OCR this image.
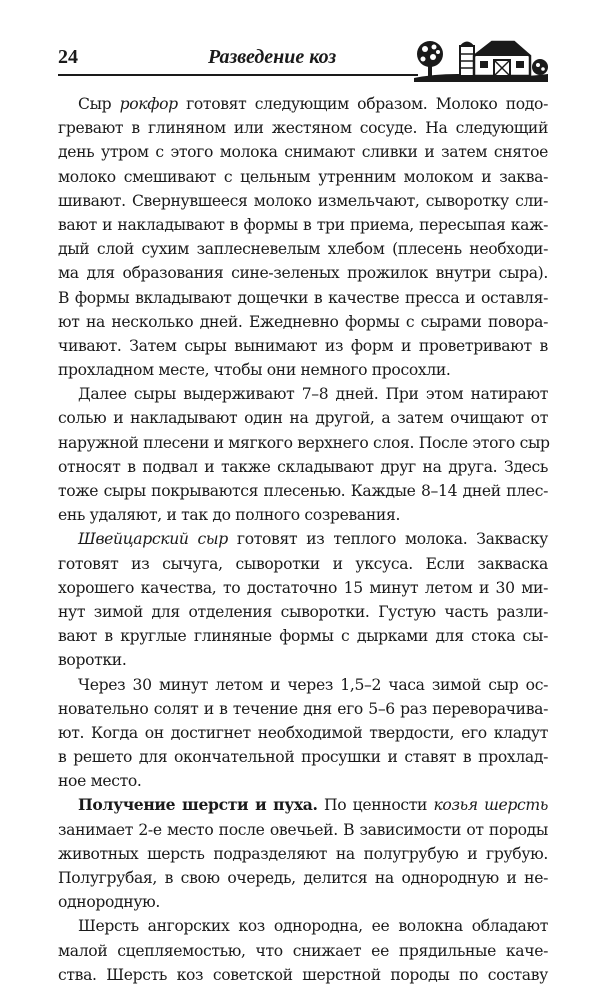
24	Разведение коз
Сыр рокфор готовят следующим образом. Молоко подо-
гревают в глиняном или жестяном сосуде. На следующий
день утром с этого молока снимают сливки и затем снятое
молоко смешивают с цельным утренним молоком и заква-
шивают. Свернувшееся молоко измельчают, сыворотку сли-
вают и накладывают в формы в три приема, пересыпая каж-
дый слой сухим заплесневелым хлебом (плесень необходи-
ма для образования сине-зеленых прожилок внутри сыра).
В формы вкладывают дощечки в качестве пресса и оставля-
ют на несколько дней. Ежедневно формы с сырами повора-
чивают. Затем сыры вынимают из форм и проветривают в
прохладном месте, чтобы они немного просохли.
Далее сыры выдерживают 7–8 дней. При этом натирают
солью и накладывают один на другой, а затем очищают от
наружной плесени и мягкого верхнего слоя. После этого сыр
относят в подвал и также складывают друг на друга. Здесь
тоже сыры покрываются плесенью. Каждые 8–14 дней плес-
ень удаляют, и так до полного созревания.
Швейцарский сыр готовят из теплого молока. Закваску
готовят из сычуга, сыворотки и уксуса. Если закваска
хорошего качества, то достаточно 15 минут летом и 30 ми-
нут зимой для отделения сыворотки. Густую часть разли-
вают в круглые глиняные формы с дырками для стока сы-
воротки.
Через 30 минут летом и через 1,5–2 часа зимой сыр ос-
новательно солят и в течение дня его 5–6 раз переворачива-
ют. Когда он достигнет необходимой твердости, его кладут
в решето для окончательной просушки и ставят в прохлад-
ное место.
Получение шерсти и пуха. По ценности козья шерсть
занимает 2-е место после овечьей. В зависимости от породы
животных шерсть подразделяют на полугрубую и грубую.
Полугрубая, в свою очередь, делится на однородную и не-
однородную.
Шерсть ангорских коз однородна, ее волокна обладают
малой сцепляемостью, что снижает ее прядильные каче-
ства. Шерсть коз советской шерстной породы по составу
